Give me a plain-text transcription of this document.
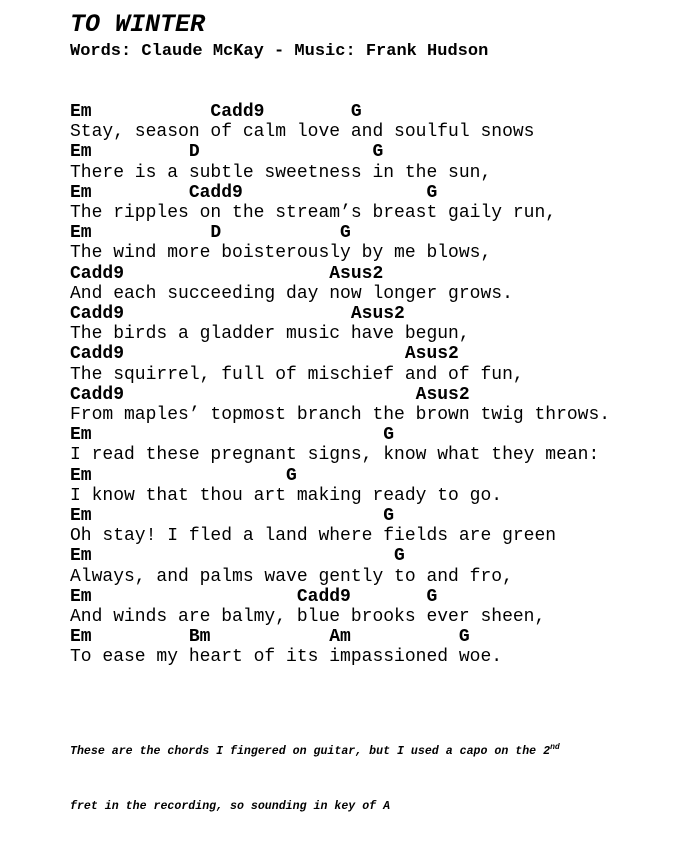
TO WINTER
Words: Claude McKay - Music: Frank Hudson
Em           Cadd9        G
Stay, season of calm love and soulful snows
Em         D                G
There is a subtle sweetness in the sun,
Em         Cadd9                 G
The ripples on the stream’s breast gaily run,
Em           D           G
The wind more boisterously by me blows,
Cadd9                   Asus2
And each succeeding day now longer grows.
Cadd9                     Asus2
The birds a gladder music have begun,
Cadd9                          Asus2
The squirrel, full of mischief and of fun,
Cadd9                           Asus2
From maples’ topmost branch the brown twig throws.
Em                           G
I read these pregnant signs, know what they mean:
Em                  G
I know that thou art making ready to go.
Em                           G
Oh stay! I fled a land where fields are green
Em                            G
Always, and palms wave gently to and fro,
Em                   Cadd9       G
And winds are balmy, blue brooks ever sheen,
Em         Bm           Am          G
To ease my heart of its impassioned woe.

These are the chords I fingered on guitar, but I used a capo on the 2nd

fret in the recording, so sounding in key of A
